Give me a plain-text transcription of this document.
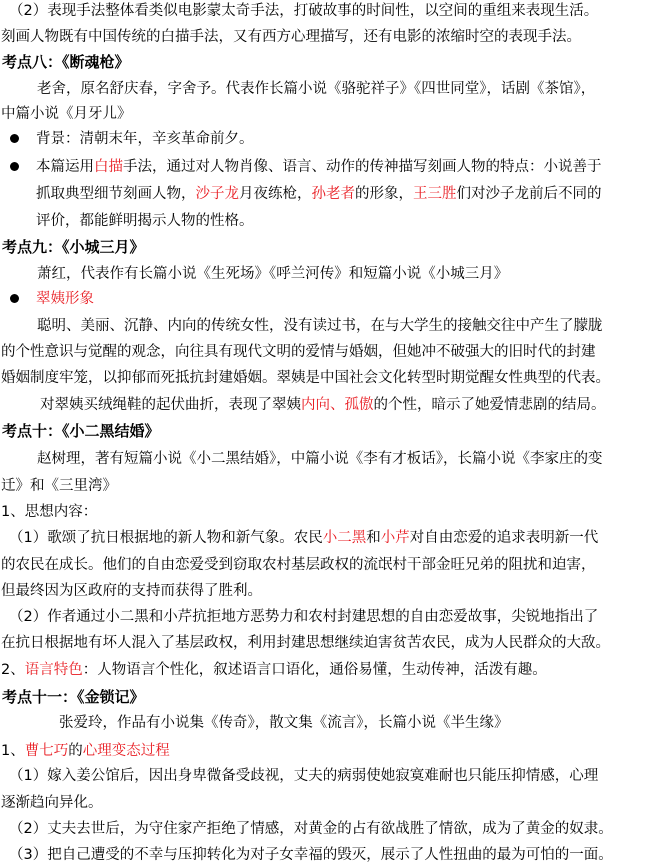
（2）表现手法整体看类似电影蒙太奇手法，打破故事的时间性，以空间的重组来表现生活。
刻画人物既有中国传统的白描手法，又有西方心理描写，还有电影的浓缩时空的表现手法。
考点八：《断魂枪》
老舍，原名舒庆春，字舍予。代表作长篇小说《骆驼祥子》《四世同堂》，话剧《茶馆》，
中篇小说《月牙儿》
背景：清朝末年，辛亥革命前夕。
本篇运用白描手法，通过对人物肖像、语言、动作的传神描写刻画人物的特点：小说善于
抓取典型细节刻画人物，沙子龙月夜练枪，孙老者的形象，王三胜们对沙子龙前后不同的
评价，都能鲜明揭示人物的性格。
考点九：《小城三月》
萧红，代表作有长篇小说《生死场》《呼兰河传》和短篇小说《小城三月》
翠姨形象
聪明、美丽、沉静、内向的传统女性，没有读过书，在与大学生的接触交往中产生了朦胧
的个性意识与觉醒的观念，向往具有现代文明的爱情与婚姻，但她冲不破强大的旧时代的封建
婚姻制度牢笼，以抑郁而死抵抗封建婚姻。翠姨是中国社会文化转型时期觉醒女性典型的代表。
对翠姨买绒绳鞋的起伏曲折，表现了翠姨内向、孤傲的个性，暗示了她爱情悲剧的结局。
考点十：《小二黑结婚》
赵树理，著有短篇小说《小二黑结婚》，中篇小说《李有才板话》，长篇小说《李家庄的变
迁》和《三里湾》
1、思想内容：
（1）歌颂了抗日根据地的新人物和新气象。农民小二黑和小芹对自由恋爱的追求表明新一代
的农民在成长。他们的自由恋爱受到窃取农村基层政权的流氓村干部金旺兄弟的阻扰和迫害，
但最终因为区政府的支持而获得了胜利。
（2）作者通过小二黑和小芹抗拒地方恶势力和农村封建思想的自由恋爱故事，尖锐地指出了
在抗日根据地有坏人混入了基层政权，利用封建思想继续迫害贫苦农民，成为人民群众的大敌。
2、语言特色：人物语言个性化，叙述语言口语化，通俗易懂，生动传神，活泼有趣。
考点十一：《金锁记》
张爱玲，作品有小说集《传奇》，散文集《流言》，长篇小说《半生缘》
1、曹七巧的心理变态过程
（1）嫁入姜公馆后，因出身卑微备受歧视，丈夫的病弱使她寂寞难耐也只能压抑情感，心理
逐渐趋向异化。
（2）丈夫去世后，为守住家产拒绝了情感，对黄金的占有欲战胜了情欲，成为了黄金的奴隶。
（3）把自己遭受的不幸与压抑转化为对子女幸福的毁灭，展示了人性扭曲的最为可怕的一面。
